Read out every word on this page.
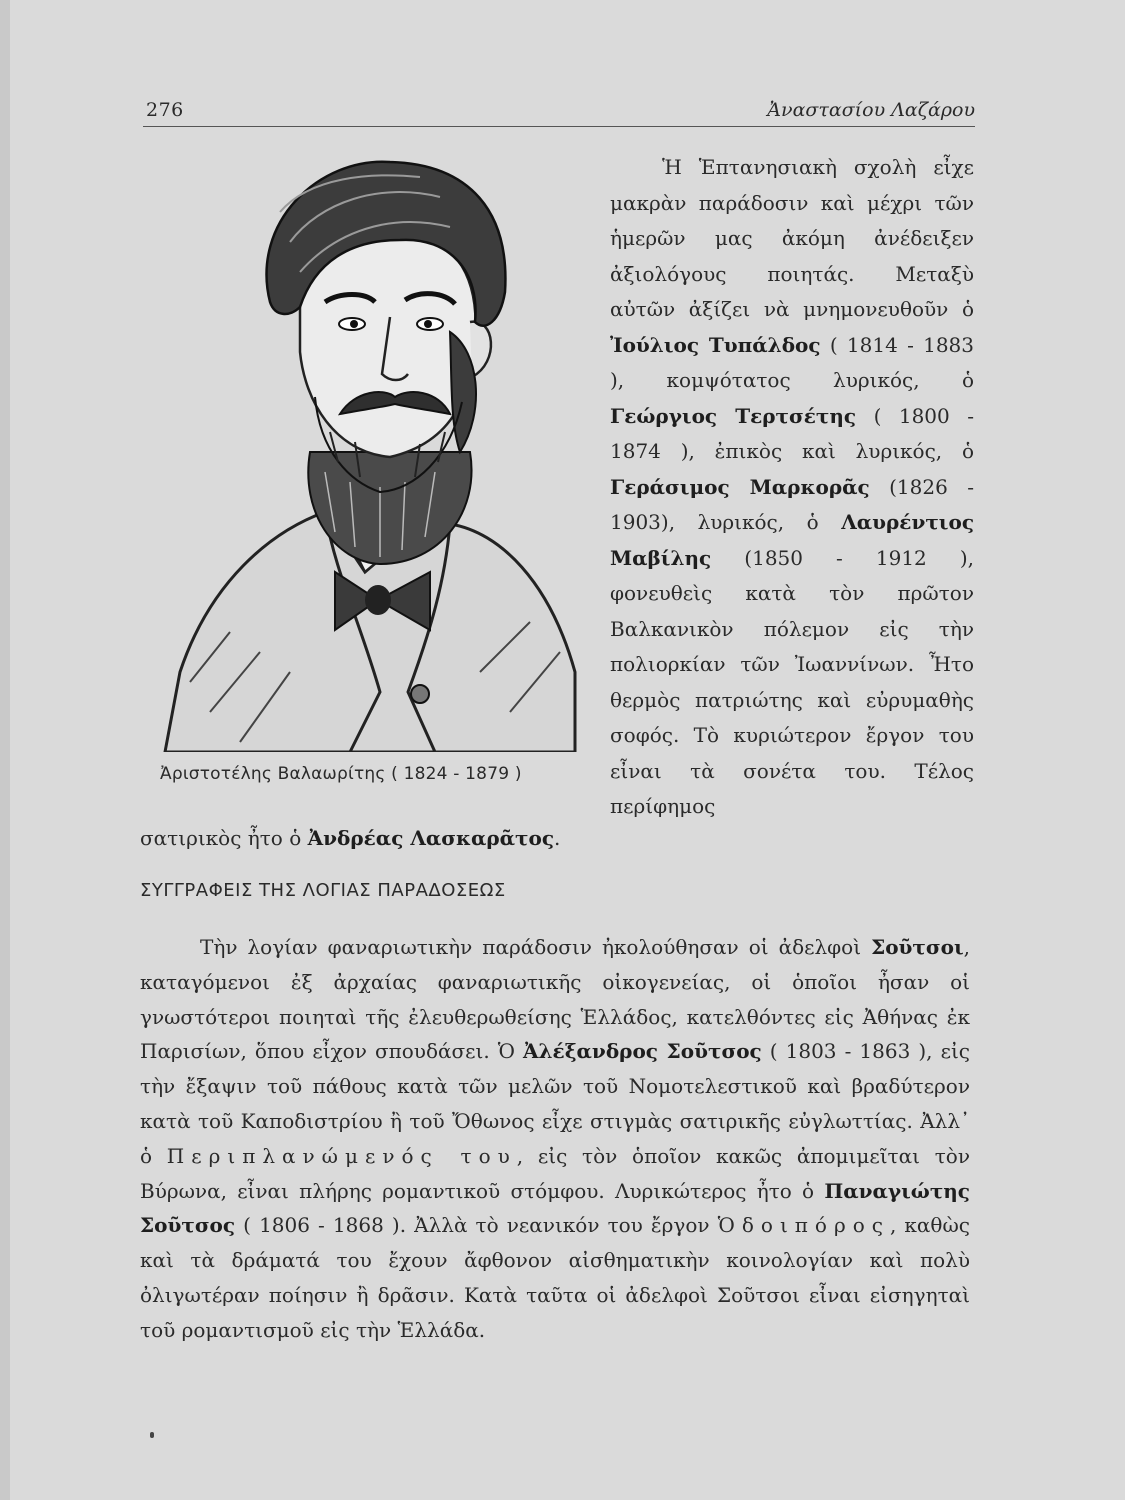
276	Ἀναστασίου Λαζάρου
Ἀριστοτέλης Βαλαωρίτης ( 1824 - 1879 )

Ἡ Ἑπτανησιακὴ σχολὴ εἶχε μακρὰν παράδοσιν καὶ μέχρι τῶν ἡμερῶν μας ἀκόμη ἀνέδειξεν ἀξιολόγους ποιητάς. Μεταξὺ αὐτῶν ἀξίζει νὰ μνημονευθοῦν ὁ Ἰούλιος Τυπάλδος ( 1814 - 1883 ), κομψότατος λυρικός, ὁ Γεώργιος Τερτσέτης ( 1800 - 1874 ), ἐπικὸς καὶ λυρικός, ὁ Γεράσιμος Μαρκορᾶς (1826 - 1903), λυρικός, ὁ Λαυρέντιος Μαβίλης (1850 - 1912 ), φονευθεὶς κατὰ τὸν πρῶτον Βαλκανικὸν πόλεμον εἰς τὴν πολιορκίαν τῶν Ἰωαννίνων. Ἦτο θερμὸς πατριώτης καὶ εὐρυμαθὴς σοφός. Τὸ κυριώτερον ἔργον του εἶναι τὰ σονέτα του. Τέλος περίφημος

σατιρικὸς ἦτο ὁ Ἀνδρέας Λασκαρᾶτος.
ΣΥΓΓΡΑΦΕΙΣ ΤΗΣ ΛΟΓΙΑΣ ΠΑΡΑΔΟΣΕΩΣ

Τὴν λογίαν φαναριωτικὴν παράδοσιν ἠκολούθησαν οἱ ἀδελφοὶ Σοῦτσοι, καταγόμενοι ἐξ ἀρχαίας φαναριωτικῆς οἰκογενείας, οἱ ὁποῖοι ἦσαν οἱ γνωστότεροι ποιηταὶ τῆς ἐλευθερωθείσης Ἑλλάδος, κατελθόντες εἰς Ἀθήνας ἐκ Παρισίων, ὅπου εἶχον σπουδάσει. Ὁ Ἀλέξανδρος Σοῦτσος ( 1803 - 1863 ), εἰς τὴν ἔξαψιν τοῦ πάθους κατὰ τῶν μελῶν τοῦ Νομοτελεστικοῦ καὶ βραδύτερον κατὰ τοῦ Καποδιστρίου ἢ τοῦ Ὄθωνος εἶχε στιγμὰς σατιρικῆς εὐγλωττίας. Ἀλλ᾽ ὁ Περιπλανώμενός του, εἰς τὸν ὁποῖον κακῶς ἀπομιμεῖται τὸν Βύρωνα, εἶναι πλήρης ρομαντικοῦ στόμφου. Λυρικώτερος ἦτο ὁ Παναγιώτης Σοῦτσος ( 1806 - 1868 ). Ἀλλὰ τὸ νεανικόν του ἔργον Ὁδοιπόρος, καθὼς καὶ τὰ δράματά του ἔχουν ἄφθονον αἰσθηματικὴν κοινολογίαν καὶ πολὺ ὀλιγωτέραν ποίησιν ἢ δρᾶσιν. Κατὰ ταῦτα οἱ ἀδελφοὶ Σοῦτσοι εἶναι εἰσηγηταὶ τοῦ ρομαντισμοῦ εἰς τὴν Ἑλλάδα.
